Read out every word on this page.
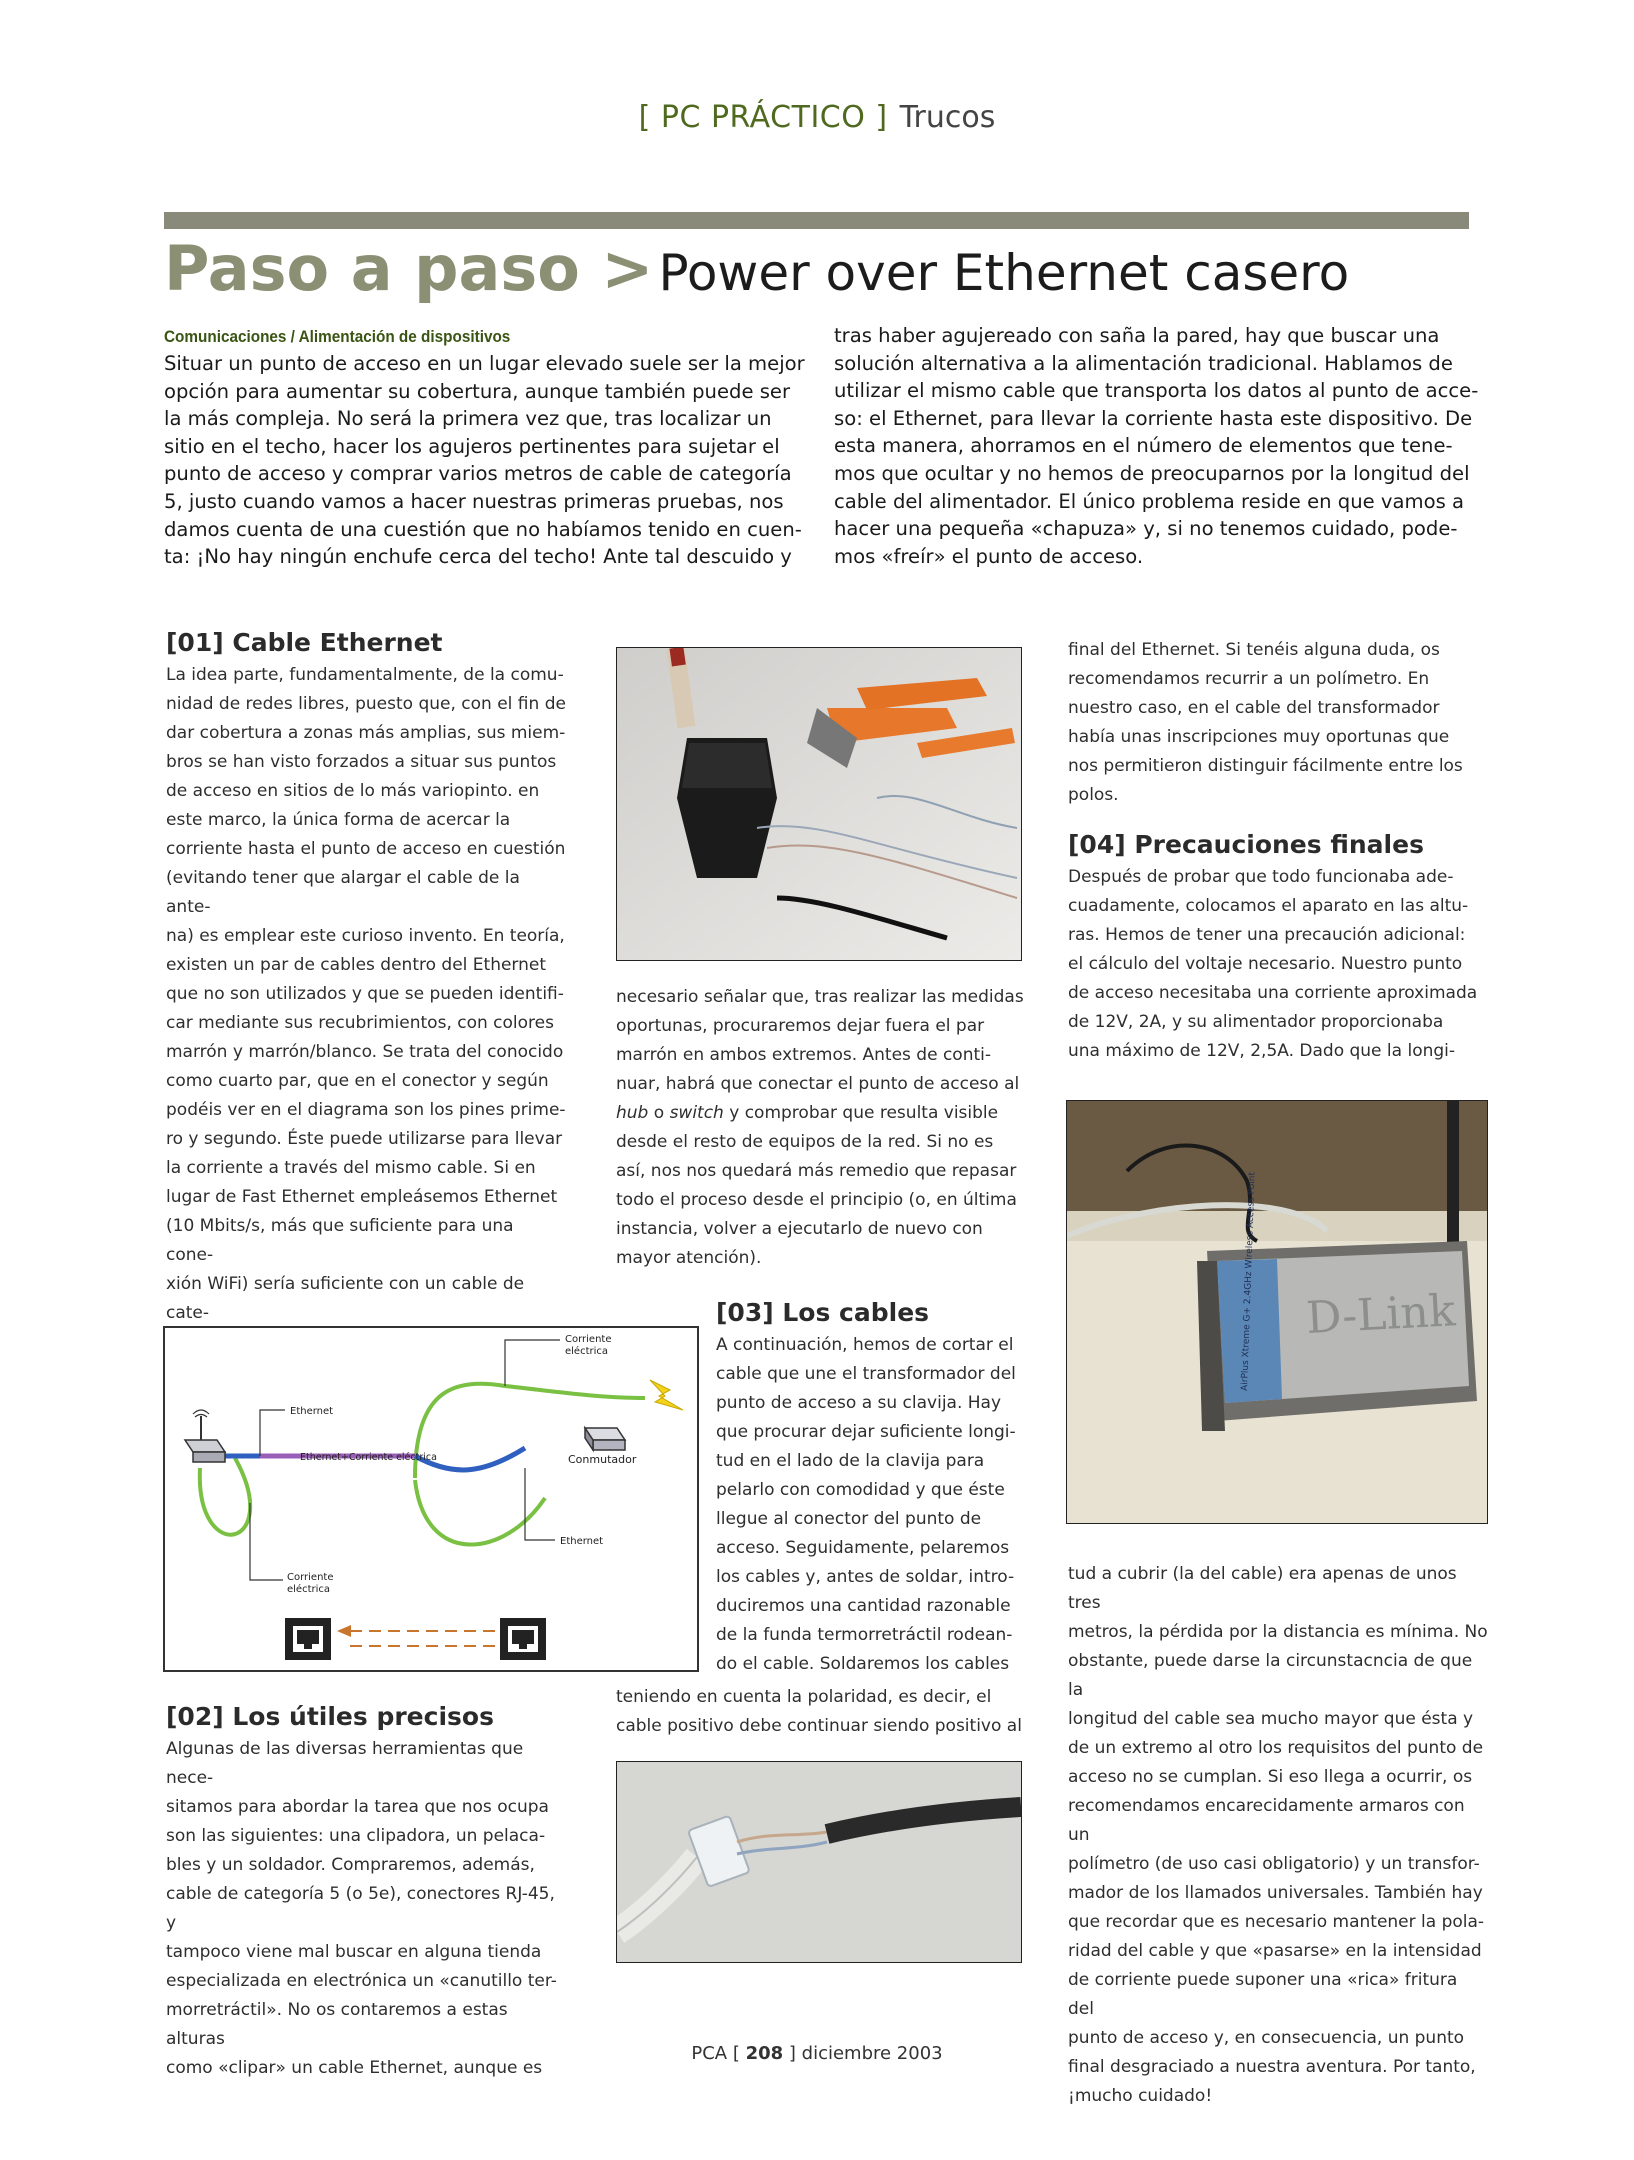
[ PC PRÁCTICO ] Trucos
Paso a paso > Power over Ethernet casero
Comunicaciones / Alimentación de dispositivos

Situar un punto de acceso en un lugar elevado suele ser la mejor

opción para aumentar su cobertura, aunque también puede ser

la más compleja. No será la primera vez que, tras localizar un

sitio en el techo, hacer los agujeros pertinentes para sujetar el

punto de acceso y comprar varios metros de cable de categoría

5, justo cuando vamos a hacer nuestras primeras pruebas, nos

damos cuenta de una cuestión que no habíamos tenido en cuen-

ta: ¡No hay ningún enchufe cerca del techo! Ante tal descuido y

tras haber agujereado con saña la pared, hay que buscar una

solución alternativa a la alimentación tradicional. Hablamos de

utilizar el mismo cable que transporta los datos al punto de acce-

so: el Ethernet, para llevar la corriente hasta este dispositivo. De

esta manera, ahorramos en el número de elementos que tene-

mos que ocultar y no hemos de preocuparnos por la longitud del

cable del alimentador. El único problema reside en que vamos a

hacer una pequeña «chapuza» y, si no tenemos cuidado, pode-

mos «freír» el punto de acceso.

[01] Cable Ethernet

La idea parte, fundamentalmente, de la comu-

nidad de redes libres, puesto que, con el fin de

dar cobertura a zonas más amplias, sus miem-

bros se han visto forzados a situar sus puntos

de acceso en sitios de lo más variopinto. en

este marco, la única forma de acercar la

corriente hasta el punto de acceso en cuestión

(evitando tener que alargar el cable de la ante-

na) es emplear este curioso invento. En teoría,

existen un par de cables dentro del Ethernet

que no son utilizados y que se pueden identifi-

car mediante sus recubrimientos, con colores

marrón y marrón/blanco. Se trata del conocido

como cuarto par, que en el conector y según

podéis ver en el diagrama son los pines prime-

ro y segundo. Éste puede utilizarse para llevar

la corriente a través del mismo cable. Si en

lugar de Fast Ethernet empleásemos Ethernet

(10 Mbits/s, más que suficiente para una cone-

xión WiFi) sería suficiente con un cable de cate-

Corriente
eléctrica
Ethernet
Ethernet+Corriente eléctrica	Conmutador
Ethernet
Corriente
eléctrica
[02] Los útiles precisos

Algunas de las diversas herramientas que nece-

sitamos para abordar la tarea que nos ocupa

son las siguientes: una clipadora, un pelaca-

bles y un soldador. Compraremos, además,

cable de categoría 5 (o 5e), conectores RJ-45, y

tampoco viene mal buscar en alguna tienda

especializada en electrónica un «canutillo ter-

morretráctil». No os contaremos a estas alturas

como «clipar» un cable Ethernet, aunque es

necesario señalar que, tras realizar las medidas

oportunas, procuraremos dejar fuera el par

marrón en ambos extremos. Antes de conti-

nuar, habrá que conectar el punto de acceso al

hub o switch y comprobar que resulta visible

desde el resto de equipos de la red. Si no es

así, nos nos quedará más remedio que repasar

todo el proceso desde el principio (o, en última

instancia, volver a ejecutarlo de nuevo con

mayor atención).

[03] Los cables

A continuación, hemos de cortar el

cable que une el transformador del

punto de acceso a su clavija. Hay

que procurar dejar suficiente longi-

tud en el lado de la clavija para

pelarlo con comodidad y que éste

llegue al conector del punto de

acceso. Seguidamente, pelaremos

los cables y, antes de soldar, intro-

duciremos una cantidad razonable

de la funda termorretráctil rodean-

do el cable. Soldaremos los cables

teniendo en cuenta la polaridad, es decir, el

cable positivo debe continuar siendo positivo al

final del Ethernet. Si tenéis alguna duda, os

recomendamos recurrir a un polímetro. En

nuestro caso, en el cable del transformador

había unas inscripciones muy oportunas que

nos permitieron distinguir fácilmente entre los

polos.

[04] Precauciones finales

Después de probar que todo funcionaba ade-

cuadamente, colocamos el aparato en las altu-

ras. Hemos de tener una precaución adicional:

el cálculo del voltaje necesario. Nuestro punto

de acceso necesitaba una corriente aproximada

de 12V, 2A, y su alimentador proporcionaba

una máximo de 12V, 2,5A. Dado que la longi-

AirPlus Xtreme G+ 2.4GHz Wireless Access Point D-Link

tud a cubrir (la del cable) era apenas de unos tres

metros, la pérdida por la distancia es mínima. No

obstante, puede darse la circunstacncia de que la

longitud del cable sea mucho mayor que ésta y

de un extremo al otro los requisitos del punto de

acceso no se cumplan. Si eso llega a ocurrir, os

recomendamos encarecidamente armaros con un

polímetro (de uso casi obligatorio) y un transfor-

mador de los llamados universales. También hay

que recordar que es necesario mantener la pola-

ridad del cable y que «pasarse» en la intensidad

de corriente puede suponer una «rica» fritura del

punto de acceso y, en consecuencia, un punto

final desgraciado a nuestra aventura. Por tanto,

¡mucho cuidado!

PCA [ 208 ] diciembre 2003
